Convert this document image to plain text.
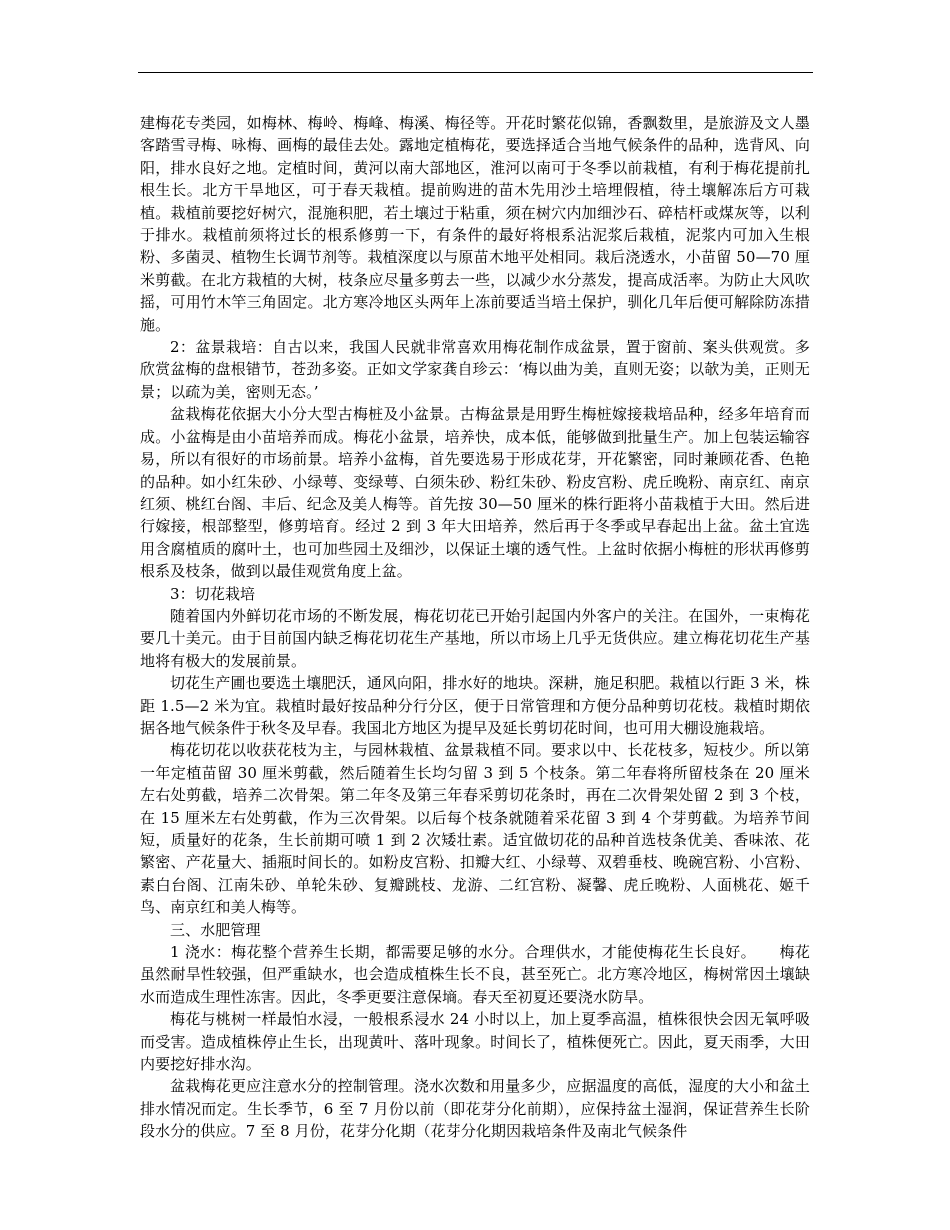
建梅花专类园，如梅林、梅岭、梅峰、梅溪、梅径等。开花时繁花似锦，香飘数里，是旅游及文人墨客踏雪寻梅、咏梅、画梅的最佳去处。露地定植梅花，要选择适合当地气候条件的品种，选背风、向阳，排水良好之地。定植时间，黄河以南大部地区，淮河以南可于冬季以前栽植，有利于梅花提前扎根生长。北方干旱地区，可于春天栽植。提前购进的苗木先用沙土培埋假植，待土壤解冻后方可栽植。栽植前要挖好树穴，混施积肥，若土壤过于粘重，须在树穴内加细沙石、碎桔杆或煤灰等，以利于排水。栽植前须将过长的根系修剪一下，有条件的最好将根系沾泥浆后栽植，泥浆内可加入生根粉、多菌灵、植物生长调节剂等。栽植深度以与原苗木地平处相同。栽后浇透水，小苗留 50—70 厘米剪截。在北方栽植的大树，枝条应尽量多剪去一些，以减少水分蒸发，提高成活率。为防止大风吹摇，可用竹木竿三角固定。北方寒冷地区头两年上冻前要适当培土保护，驯化几年后便可解除防冻措施。

2：盆景栽培：自古以来，我国人民就非常喜欢用梅花制作成盆景，置于窗前、案头供观赏。多欣赏盆梅的盘根错节，苍劲多姿。正如文学家龚自珍云：‘梅以曲为美，直则无姿；以欹为美，正则无景；以疏为美，密则无态。’

盆栽梅花依据大小分大型古梅桩及小盆景。古梅盆景是用野生梅桩嫁接栽培品种，经多年培育而成。小盆梅是由小苗培养而成。梅花小盆景，培养快，成本低，能够做到批量生产。加上包装运输容易，所以有很好的市场前景。培养小盆梅，首先要选易于形成花芽，开花繁密，同时兼顾花香、色艳的品种。如小红朱砂、小绿萼、变绿萼、白须朱砂、粉红朱砂、粉皮宫粉、虎丘晚粉、南京红、南京红须、桃红台阁、丰后、纪念及美人梅等。首先按 30—50 厘米的株行距将小苗栽植于大田。然后进行嫁接，根部整型，修剪培育。经过 2 到 3 年大田培养，然后再于冬季或早春起出上盆。盆土宜选用含腐植质的腐叶土，也可加些园土及细沙，以保证土壤的透气性。上盆时依据小梅桩的形状再修剪根系及枝条，做到以最佳观赏角度上盆。

3：切花栽培

随着国内外鲜切花市场的不断发展，梅花切花已开始引起国内外客户的关注。在国外，一束梅花要几十美元。由于目前国内缺乏梅花切花生产基地，所以市场上几乎无货供应。建立梅花切花生产基地将有极大的发展前景。

切花生产圃也要选土壤肥沃，通风向阳，排水好的地块。深耕，施足积肥。栽植以行距 3 米，株距 1.5—2 米为宜。栽植时最好按品种分行分区，便于日常管理和方便分品种剪切花枝。栽植时期依据各地气候条件于秋冬及早春。我国北方地区为提早及延长剪切花时间，也可用大棚设施栽培。

梅花切花以收获花枝为主，与园林栽植、盆景栽植不同。要求以中、长花枝多，短枝少。所以第一年定植苗留 30 厘米剪截，然后随着生长均匀留 3 到 5 个枝条。第二年春将所留枝条在 20 厘米左右处剪截，培养二次骨架。第二年冬及第三年春采剪切花条时，再在二次骨架处留 2 到 3 个枝，在 15 厘米左右处剪截，作为三次骨架。以后每个枝条就随着采花留 3 到 4 个芽剪截。为培养节间短，质量好的花条，生长前期可喷 1 到 2 次矮壮素。适宜做切花的品种首选枝条优美、香味浓、花繁密、产花量大、插瓶时间长的。如粉皮宫粉、扣瓣大红、小绿萼、双碧垂枝、晚碗宫粉、小宫粉、素白台阁、江南朱砂、单轮朱砂、复瓣跳枝、龙游、二红宫粉、凝馨、虎丘晚粉、人面桃花、姬千鸟、南京红和美人梅等。

三、水肥管理

1 浇水：梅花整个营养生长期，都需要足够的水分。合理供水，才能使梅花生长良好。　　梅花虽然耐旱性较强，但严重缺水，也会造成植株生长不良，甚至死亡。北方寒冷地区，梅树常因土壤缺水而造成生理性冻害。因此，冬季更要注意保墒。春天至初夏还要浇水防旱。

梅花与桃树一样最怕水浸，一般根系浸水 24 小时以上，加上夏季高温，植株很快会因无氧呼吸而受害。造成植株停止生长，出现黄叶、落叶现象。时间长了，植株便死亡。因此，夏天雨季，大田内要挖好排水沟。

盆栽梅花更应注意水分的控制管理。浇水次数和用量多少，应据温度的高低，湿度的大小和盆土排水情况而定。生长季节，6 至 7 月份以前（即花芽分化前期），应保持盆土湿润，保证营养生长阶段水分的供应。7 至 8 月份，花芽分化期（花芽分化期因栽培条件及南北气候条件
